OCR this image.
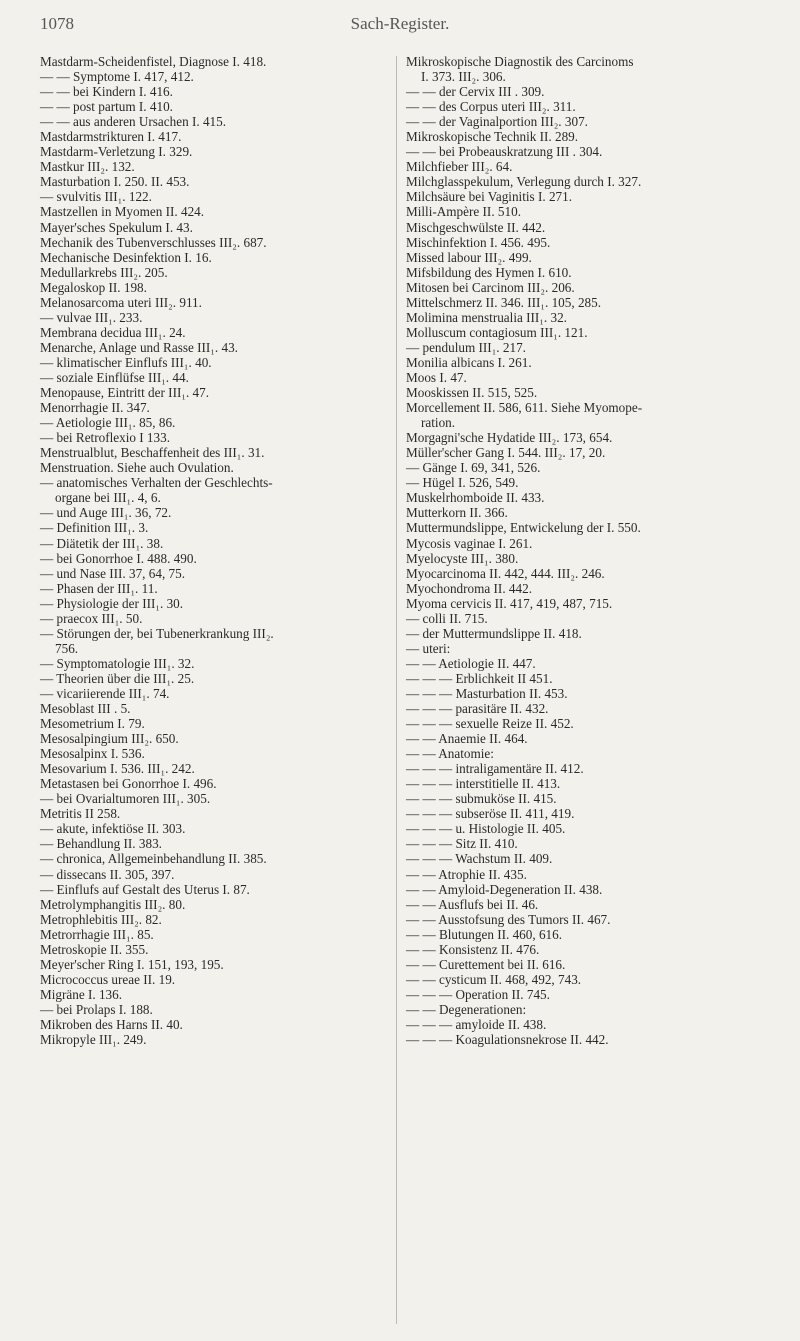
1078	Sach-Register.
Mastdarm-Scheidenfistel, Diagnose I. 418.
— — Symptome I. 417, 412.
— — bei Kindern I. 416.
— — post partum I. 410.
— — aus anderen Ursachen I. 415.
Mastdarmstrikturen I. 417.
Mastdarm-Verletzung I. 329.
Mastkur III₂. 132.
Masturbation I. 250. II. 453.
— svulvitis III₁. 122.
Mastzellen in Myomen II. 424.
Mayer'sches Spekulum I. 43.
Mechanik des Tubenverschlusses III₂. 687.
Mechanische Desinfektion I. 16.
Medullarkrebs III₂. 205.
Megaloskop II. 198.
Melanosarcoma uteri III₂. 911.
— vulvae III₁. 233.
Membrana decidua III₁. 24.
Menarche, Anlage und Rasse III₁. 43.
— klimatischer Einflufs III₁. 40.
— soziale Einflüfse III₁. 44.
Menopause, Eintritt der III₁. 47.
Menorrhagie II. 347.
— Aetiologie III₁. 85, 86.
— bei Retroflexio I 133.
Menstrualblut, Beschaffenheit des III₁. 31.
Menstruation. Siehe auch Ovulation.
— anatomisches Verhalten der Geschlechts-
organe bei III₁. 4, 6.
— und Auge III₁. 36, 72.
— Definition III₁. 3.
— Diätetik der III₁. 38.
— bei Gonorrhoe I. 488. 490.
— und Nase III. 37, 64, 75.
— Phasen der III₁. 11.
— Physiologie der III₁. 30.
— praecox III₁. 50.
— Störungen der, bei Tubenerkrankung III₂.
756.
— Symptomatologie III₁. 32.
— Theorien über die III₁. 25.
— vicariierende III₁. 74.
Mesoblast III . 5.
Mesometrium I. 79.
Mesosalpingium III₂. 650.
Mesosalpinx I. 536.
Mesovarium I. 536. III₁. 242.
Metastasen bei Gonorrhoe I. 496.
— bei Ovarialtumoren III₁. 305.
Metritis II 258.
— akute, infektiöse II. 303.
— Behandlung II. 383.
— chronica, Allgemeinbehandlung II. 385.
— dissecans II. 305, 397.
— Einflufs auf Gestalt des Uterus I. 87.
Metrolymphangitis III₂. 80.
Metrophlebitis III₂. 82.
Metrorrhagie III₁. 85.
Metroskopie II. 355.
Meyer'scher Ring I. 151, 193, 195.
Micrococcus ureae II. 19.
Migräne I. 136.
— bei Prolaps I. 188.
Mikroben des Harns II. 40.
Mikropyle III₁. 249.
Mikroskopische Diagnostik des Carcinoms
I. 373. III₂. 306.
— — der Cervix III . 309.
— — des Corpus uteri III₂. 311.
— — der Vaginalportion III₂. 307.
Mikroskopische Technik II. 289.
— — bei Probeauskratzung III . 304.
Milchfieber III₂. 64.
Milchglasspekulum, Verlegung durch I. 327.
Milchsäure bei Vaginitis I. 271.
Milli-Ampère II. 510.
Mischgeschwülste II. 442.
Mischinfektion I. 456. 495.
Missed labour III₂. 499.
Mifsbildung des Hymen I. 610.
Mitosen bei Carcinom III₂. 206.
Mittelschmerz II. 346. III₁. 105, 285.
Molimina menstrualia III₁. 32.
Molluscum contagiosum III₁. 121.
— pendulum III₁. 217.
Monilia albicans I. 261.
Moos I. 47.
Mooskissen II. 515, 525.
Morcellement II. 586, 611. Siehe Myomope-
ration.
Morgagni'sche Hydatide III₂. 173, 654.
Müller'scher Gang I. 544. III₂. 17, 20.
— Gänge I. 69, 341, 526.
— Hügel I. 526, 549.
Muskelrhomboide II. 433.
Mutterkorn II. 366.
Muttermundslippe, Entwickelung der I. 550.
Mycosis vaginae I. 261.
Myelocyste III₁. 380.
Myocarcinoma II. 442, 444. III₂. 246.
Myochondroma II. 442.
Myoma cervicis II. 417, 419, 487, 715.
— colli II. 715.
— der Muttermundslippe II. 418.
— uteri:
— — Aetiologie II. 447.
— — — Erblichkeit II 451.
— — — Masturbation II. 453.
— — — parasitäre II. 432.
— — — sexuelle Reize II. 452.
— — Anaemie II. 464.
— — Anatomie:
— — — intraligamentäre II. 412.
— — — interstitielle II. 413.
— — — submuköse II. 415.
— — — subseröse II. 411, 419.
— — — u. Histologie II. 405.
— — — Sitz II. 410.
— — — Wachstum II. 409.
— — Atrophie II. 435.
— — Amyloid-Degeneration II. 438.
— — Ausflufs bei II. 46.
— — Ausstofsung des Tumors II. 467.
— — Blutungen II. 460, 616.
— — Konsistenz II. 476.
— — Curettement bei II. 616.
— — cysticum II. 468, 492, 743.
— — — Operation II. 745.
— — Degenerationen:
— — — amyloide II. 438.
— — — Koagulationsnekrose II. 442.
